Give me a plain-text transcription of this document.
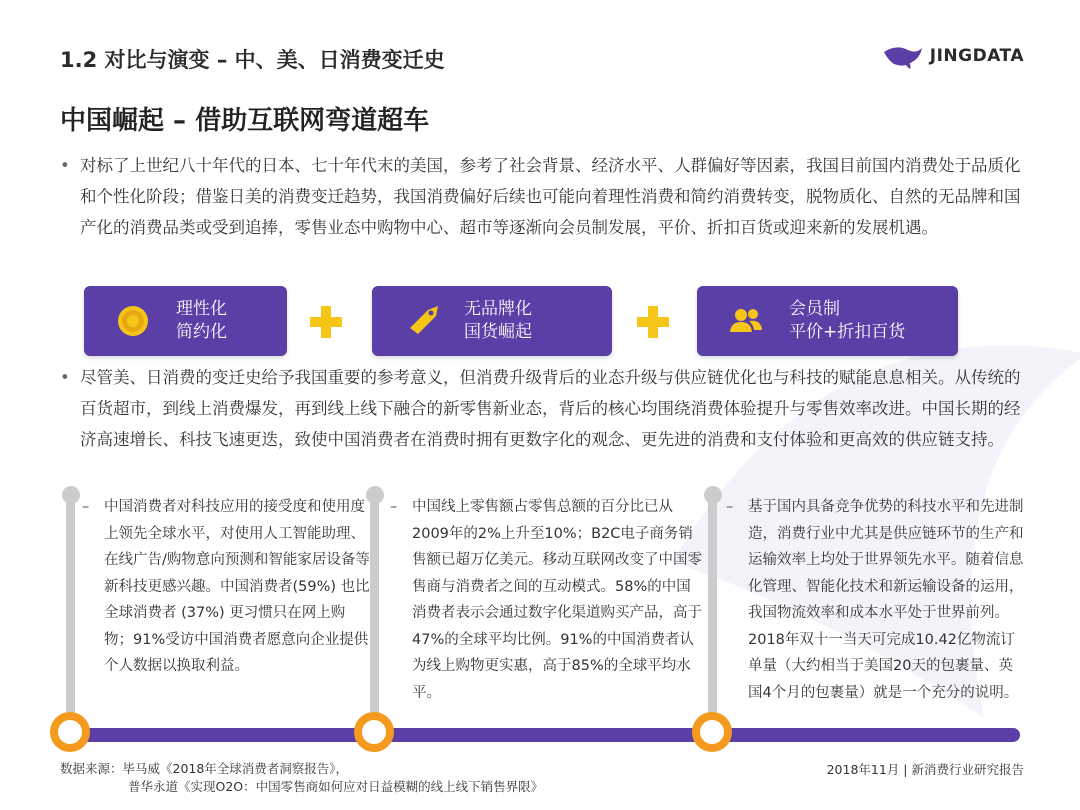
1.2 对比与演变 – 中、美、日消费变迁史	JINGDATA
中国崛起 – 借助互联网弯道超车
• 对标了上世纪八十年代的日本、七十年代末的美国，参考了社会背景、经济水平、人群偏好等因素，我国目前国内消费处于品质化和个性化阶段；借鉴日美的消费变迁趋势，我国消费偏好后续也可能向着理性消费和简约消费转变，脱物质化、自然的无品牌和国产化的消费品类或受到追捧，零售业态中购物中心、超市等逐渐向会员制发展，平价、折扣百货或迎来新的发展机遇。
理性化
简约化
无品牌化
国货崛起
会员制
平价+折扣百货
• 尽管美、日消费的变迁史给予我国重要的参考意义，但消费升级背后的业态升级与供应链优化也与科技的赋能息息相关。从传统的百货超市，到线上消费爆发，再到线上线下融合的新零售新业态，背后的核心均围绕消费体验提升与零售效率改进。中国长期的经济高速增长、科技飞速更迭，致使中国消费者在消费时拥有更数字化的观念、更先进的消费和支付体验和更高效的供应链支持。
–	中国消费者对科技应用的接受度和使用度上领先全球水平，对使用人工智能助理、在线广告/购物意向预测和智能家居设备等新科技更感兴趣。中国消费者(59%) 也比全球消费者 (37%) 更习惯只在网上购物；91%受访中国消费者愿意向企业提供个人数据以换取利益。
–	中国线上零售额占零售总额的百分比已从2009年的2%上升至10%；B2C电子商务销售额已超万亿美元。移动互联网改变了中国零售商与消费者之间的互动模式。58%的中国消费者表示会通过数字化渠道购买产品，高于47%的全球平均比例。91%的中国消费者认为线上购物更实惠，高于85%的全球平均水平。
–	基于国内具备竞争优势的科技水平和先进制造，消费行业中尤其是供应链环节的生产和运输效率上均处于世界领先水平。随着信息化管理、智能化技术和新运输设备的运用，我国物流效率和成本水平处于世界前列。2018年双十一当天可完成10.42亿物流订单量（大约相当于美国20天的包裹量、英国4个月的包裹量）就是一个充分的说明。
数据来源：毕马威《2018年全球消费者洞察报告》，
普华永道《实现O2O：中国零售商如何应对日益模糊的线上线下销售界限》
2018年11月 | 新消费行业研究报告
